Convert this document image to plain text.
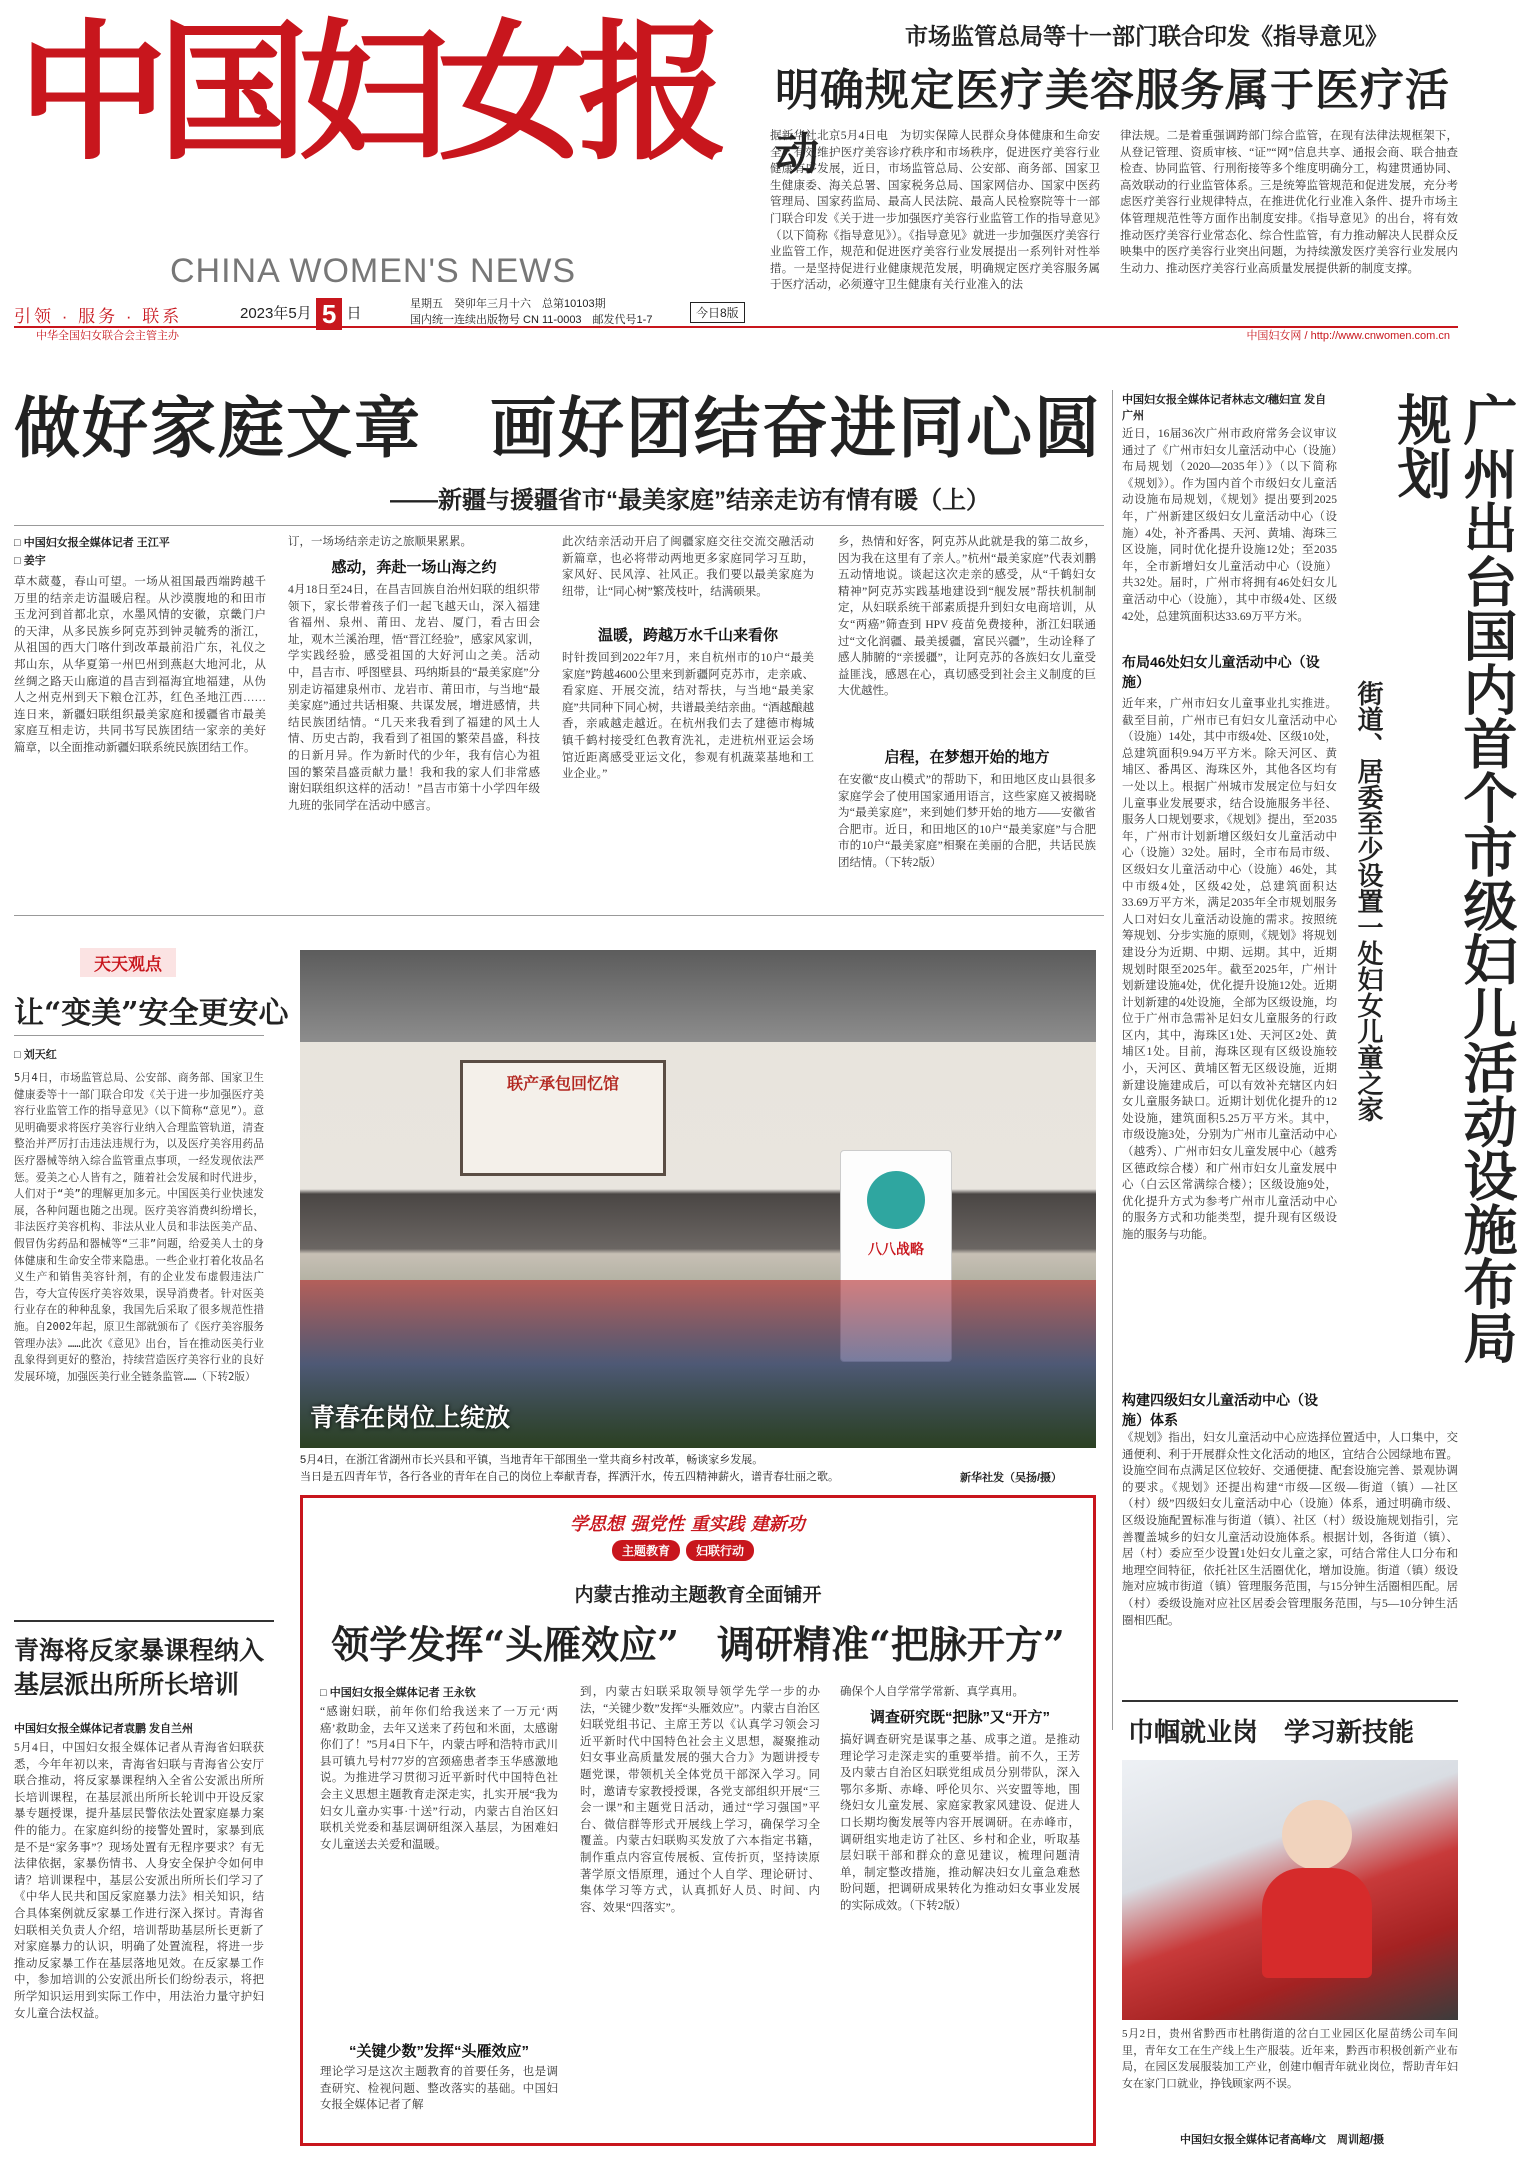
中国妇女报
CHINA WOMEN'S NEWS
引领 · 服务 · 联系	2023年5月 5 日
星期五　癸卯年三月十六　总第10103期
国内统一连续出版物号 CN 11-0003　邮发代号1-7	今日8版
中华全国妇女联合会主管主办	中国妇女网 / http://www.cnwomen.com.cn
市场监管总局等十一部门联合印发《指导意见》
明确规定医疗美容服务属于医疗活动
据新华社北京5月4日电　为切实保障人民群众身体健康和生命安全，有效维护医疗美容诊疗秩序和市场秩序，促进医疗美容行业健康有序发展，近日，市场监管总局、公安部、商务部、国家卫生健康委、海关总署、国家税务总局、国家网信办、国家中医药管理局、国家药监局、最高人民法院、最高人民检察院等十一部门联合印发《关于进一步加强医疗美容行业监管工作的指导意见》（以下简称《指导意见》）。《指导意见》就进一步加强医疗美容行业监管工作，规范和促进医疗美容行业发展提出一系列针对性举措。一是坚持促进行业健康规范发展，明确规定医疗美容服务属于医疗活动，必须遵守卫生健康有关行业准入的法
律法规。二是着重强调跨部门综合监管，在现有法律法规框架下，从登记管理、资质审核、“证”“网”信息共享、通报会商、联合抽查检查、协同监管、行刑衔接等多个维度明确分工，构建贯通协同、高效联动的行业监管体系。三是统筹监管规范和促进发展，充分考虑医疗美容行业规律特点，在推进优化行业准入条件、提升市场主体管理规范性等方面作出制度安排。《指导意见》的出台，将有效推动医疗美容行业常态化、综合性监管，有力推动解决人民群众反映集中的医疗美容行业突出问题，为持续激发医疗美容行业发展内生动力、推动医疗美容行业高质量发展提供新的制度支撑。
做好家庭文章　画好团结奋进同心圆
——新疆与援疆省市“最美家庭”结亲走访有情有暖（上）
□ 中国妇女报全媒体记者 王江平
□ 姜宇
草木葳蔓，春山可望。一场从祖国最西端跨越千万里的结亲走访温暖启程。从沙漠腹地的和田市玉龙河到首都北京，水墨风情的安徽，京畿门户的天津，从多民族乡阿克苏到钟灵毓秀的浙江，从祖国的西大门喀什到改革最前沿广东，礼仪之邦山东，从华夏第一州巴州到燕赵大地河北，从丝绸之路天山廊道的昌吉到福海宜地福建，从伪人之州克州到天下粮仓江苏，红色圣地江西……连日来，新疆妇联组织最美家庭和援疆省市最美家庭互相走访，共同书写民族团结一家亲的美好篇章，以全面推动新疆妇联系统民族团结工作。
订，一场场结亲走访之旅顺果累累。
感动，奔赴一场山海之约
4月18日至24日，在昌吉回族自治州妇联的组织带领下，家长带着孩子们一起飞越天山，深入福建省福州、泉州、莆田、龙岩、厦门，看古田会址，观木兰溪治理，悟“晋江经验”，感家风家训，学实践经验，感受祖国的大好河山之美。活动中，昌吉市、呼图壁县、玛纳斯县的“最美家庭”分别走访福建泉州市、龙岩市、莆田市，与当地“最美家庭”通过共话相聚、共谋发展，增进感情，共结民族团结情。“几天来我看到了福建的风土人情、历史古韵，我看到了祖国的繁荣昌盛，科技的日新月异。作为新时代的少年，我有信心为祖国的繁荣昌盛贡献力量！我和我的家人们非常感谢妇联组织这样的活动！”昌吉市第十小学四年级九班的张同学在活动中感言。
此次结亲活动开启了闽疆家庭交往交流交融活动新篇章，也必将带动两地更多家庭同学习互助，家风好、民风淳、社风正。我们要以最美家庭为纽带，让“同心树”繁茂枝叶，结满硕果。
温暖，跨越万水千山来看你
时针拨回到2022年7月，来自杭州市的10户“最美家庭”跨越4600公里来到新疆阿克苏市，走亲戚、看家庭、开展交流，结对帮扶，与当地“最美家庭”共同种下同心树，共谱最美结亲曲。“酒越酿越香，亲戚越走越近。在杭州我们去了建德市梅城镇千鹤村接受红色教育洗礼，走进杭州亚运会场馆近距离感受亚运文化，参观有机蔬菜基地和工业企业。”
乡，热情和好客，阿克苏从此就是我的第二故乡，因为我在这里有了亲人。”杭州“最美家庭”代表刘鹏五动情地说。谈起这次走亲的感受，从“千鹤妇女精神”阿克苏实践基地建设到“舰发展”帮扶机制制定，从妇联系统干部素质提升到妇女电商培训，从女“两癌”筛查到 HPV 疫苗免费接种，浙江妇联通过“文化润疆、最美援疆，富民兴疆”，生动诠释了感人肺腑的“亲援疆”，让阿克苏的各族妇女儿童受益匪浅，感恩在心，真切感受到社会主义制度的巨大优越性。
启程，在梦想开始的地方
在安徽“皮山模式”的帮助下，和田地区皮山县很多家庭学会了使用国家通用语言，这些家庭又被揭晓为“最美家庭”，来到她们梦开始的地方——安徽省合肥市。近日，和田地区的10户“最美家庭”与合肥市的10户“最美家庭”相聚在美丽的合肥，共话民族团结情。（下转2版）
中国妇女报全媒体记者林志文/穗妇宣 发自广州
近日，16届36次广州市政府常务会议审议通过了《广州市妇女儿童活动中心（设施）布局规划（2020—2035年）》（以下简称《规划》）。作为国内首个市级妇女儿童活动设施布局规划，《规划》提出要到2025年，广州新建区级妇女儿童活动中心（设施）4处，补齐番禺、天河、黄埔、海珠三区设施，同时优化提升设施12处；至2035年，全市新增妇女儿童活动中心（设施）共32处。届时，广州市将拥有46处妇女儿童活动中心（设施），其中市级4处、区级42处，总建筑面积达33.69万平方米。	广州出台国内首个市级妇儿活动设施布局规划
街道、居委至少设置一处妇女儿童之家
布局46处妇女儿童活动中心（设施）
近年来，广州市妇女儿童事业扎实推进。截至目前，广州市已有妇女儿童活动中心（设施）14处，其中市级4处、区级10处，总建筑面积9.94万平方米。除天河区、黄埔区、番禺区、海珠区外，其他各区均有一处以上。根据广州城市发展定位与妇女儿童事业发展要求，结合设施服务半径、服务人口规划要求，《规划》提出，至2035年，广州市计划新增区级妇女儿童活动中心（设施）32处。届时，全市布局市级、区级妇女儿童活动中心（设施）46处，其中市级4处，区级42处，总建筑面积达33.69万平方米，满足2035年全市规划服务人口对妇女儿童活动设施的需求。按照统筹规划、分步实施的原则，《规划》将规划建设分为近期、中期、远期。其中，近期规划时限至2025年。截至2025年，广州计划新建设施4处，优化提升设施12处。近期计划新建的4处设施，全部为区级设施，均位于广州市急需补足妇女儿童服务的行政区内，其中，海珠区1处、天河区2处、黄埔区1处。目前，海珠区现有区级设施较小，天河区、黄埔区暂无区级设施，近期新建设施建成后，可以有效补充辖区内妇女儿童服务缺口。近期计划优化提升的12处设施，建筑面积5.25万平方米。其中，市级设施3处，分别为广州市儿童活动中心（越秀）、广州市妇女儿童发展中心（越秀区德政综合楼）和广州市妇女儿童发展中心（白云区常满综合楼）；区级设施9处，优化提升方式为参考广州市儿童活动中心的服务方式和功能类型，提升现有区级设施的服务与功能。
构建四级妇女儿童活动中心（设施）体系
《规划》指出，妇女儿童活动中心应选择位置适中，人口集中，交通便利、利于开展群众性文化活动的地区，宜结合公园绿地布置。设施空间布点满足区位较好、交通便捷、配套设施完善、景观协调的要求。《规划》还提出构建“市级—区级—街道（镇）—社区（村）级”四级妇女儿童活动中心（设施）体系，通过明确市级、区级设施配置标准与街道（镇）、社区（村）级设施规划指引，完善覆盖城乡的妇女儿童活动设施体系。根据计划，各街道（镇）、居（村）委应至少设置1处妇女儿童之家，可结合常住人口分布和地理空间特征，依托社区生活圈优化，增加设施。街道（镇）级设施对应城市街道（镇）管理服务范围，与15分钟生活圈相匹配。居（村）委级设施对应社区居委会管理服务范围，与5—10分钟生活圈相匹配。
天天观点
让“变美”安全更安心
□ 刘天红
5月4日，市场监管总局、公安部、商务部、国家卫生健康委等十一部门联合印发《关于进一步加强医疗美容行业监管工作的指导意见》（以下简称“意见”）。意见明确要求将医疗美容行业纳入合理监管轨道，清查整治并严厉打击违法违规行为，以及医疗美容用药品医疗器械等纳入综合监管重点事项，一经发现依法严惩。爱美之心人皆有之，随着社会发展和时代进步，人们对于“美”的理解更加多元。中国医美行业快速发展，各种问题也随之出现。医疗美容消费纠纷增长，非法医疗美容机构、非法从业人员和非法医美产品、假冒伪劣药品和器械等“三非”问题，给爱美人士的身体健康和生命安全带来隐患。一些企业打着化妆品名义生产和销售美容针剂，有的企业发布虚假违法广告，夸大宣传医疗美容效果，误导消费者。针对医美行业存在的种种乱象，我国先后采取了很多规范性措施。自2002年起，原卫生部就颁布了《医疗美容服务管理办法》……此次《意见》出台，旨在推动医美行业乱象得到更好的整治，持续营造医疗美容行业的良好发展环境，加强医美行业全链条监管……（下转2版）
联产承包回忆馆
八八战略
青春在岗位上绽放
5月4日，在浙江省湖州市长兴县和平镇，当地青年干部围坐一堂共商乡村改革，畅谈家乡发展。
当日是五四青年节，各行各业的青年在自己的岗位上奉献青春，挥洒汗水，传五四精神薪火，谱青春壮丽之歌。	新华社发（吴扬/摄）
青海将反家暴课程纳入基层派出所所长培训
中国妇女报全媒体记者袁鹏 发自兰州
5月4日，中国妇女报全媒体记者从青海省妇联获悉，今年年初以来，青海省妇联与青海省公安厅联合推动，将反家暴课程纳入全省公安派出所所长培训课程，在基层派出所所长轮训中开设反家暴专题授课，提升基层民警依法处置家庭暴力案件的能力。在家庭纠纷的接警处置时，家暴到底是不是“家务事”？现场处置有无程序要求？有无法律依据，家暴伤情书、人身安全保护令如何申请？培训课程中，基层公安派出所所长们学习了《中华人民共和国反家庭暴力法》相关知识，结合具体案例就反家暴工作进行深入探讨。青海省妇联相关负责人介绍，培训帮助基层所长更新了对家庭暴力的认识，明确了处置流程，将进一步推动反家暴工作在基层落地见效。在反家暴工作中，参加培训的公安派出所长们纷纷表示，将把所学知识运用到实际工作中，用法治力量守护妇女儿童合法权益。
学思想 强党性 重实践 建新功
主题教育	妇联行动
内蒙古推动主题教育全面铺开
领学发挥“头雁效应”　调研精准“把脉开方”
□ 中国妇女报全媒体记者 王永钦
“感谢妇联，前年你们给我送来了一万元‘两癌’救助金，去年又送来了药包和米面，太感谢你们了！”5月4日下午，内蒙古呼和浩特市武川县可镇九号村77岁的宫颈癌患者李玉华感激地说。为推进学习贯彻习近平新时代中国特色社会主义思想主题教育走深走实，扎实开展“我为妇女儿童办实事·十送”行动，内蒙古自治区妇联机关党委和基层调研组深入基层，为困难妇女儿童送去关爱和温暖。
“关键少数”发挥“头雁效应”
理论学习是这次主题教育的首要任务，也是调查研究、检视问题、整改落实的基础。中国妇女报全媒体记者了解
到，内蒙古妇联采取领导领学先学一步的办法，“关键少数”发挥“头雁效应”。内蒙古自治区妇联党组书记、主席王芳以《认真学习领会习近平新时代中国特色社会主义思想，凝聚推动妇女事业高质量发展的强大合力》为题讲授专题党课，带领机关全体党员干部深入学习。同时，邀请专家教授授课，各党支部组织开展“三会一课”和主题党日活动，通过“学习强国”平台、微信群等形式开展线上学习，确保学习全覆盖。内蒙古妇联购买发放了六本指定书籍，制作重点内容宣传展板、宣传折页，坚持读原著学原文悟原理，通过个人自学、理论研讨、集体学习等方式，认真抓好人员、时间、内容、效果“四落实”。
确保个人自学常学常新、真学真用。
调查研究既“把脉”又“开方”
搞好调查研究是谋事之基、成事之道。是推动理论学习走深走实的重要举措。前不久，王芳及内蒙古自治区妇联党组成员分别带队，深入鄂尔多斯、赤峰、呼伦贝尔、兴安盟等地，围绕妇女儿童发展、家庭家教家风建设、促进人口长期均衡发展等内容开展调研。在赤峰市，调研组实地走访了社区、乡村和企业，听取基层妇联干部和群众的意见建议，梳理问题清单，制定整改措施，推动解决妇女儿童急难愁盼问题，把调研成果转化为推动妇女事业发展的实际成效。（下转2版）
巾帼就业岗　学习新技能
5月2日，贵州省黔西市杜鹃街道的岔白工业园区化屋苗绣公司车间里，青年女工在生产线上生产服装。近年来，黔西市积极创新产业布局，在园区发展服装加工产业，创建巾帼青年就业岗位，帮助青年妇女在家门口就业，挣钱顾家两不误。
中国妇女报全媒体记者高峰/文　周训超/摄
